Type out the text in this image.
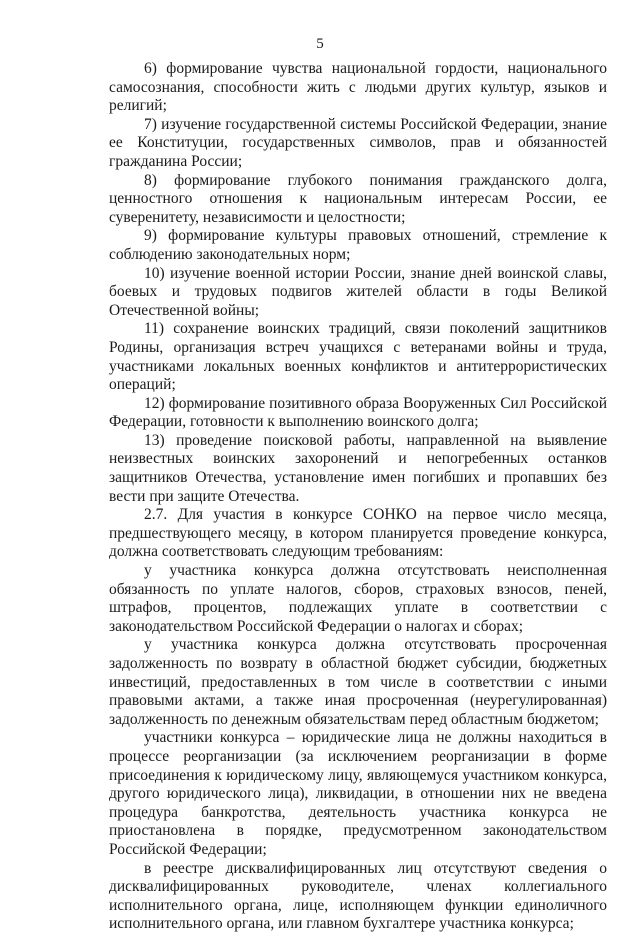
5

6) формирование чувства национальной гордости, национального самосознания, способности жить с людьми других культур, языков и религий;

7) изучение государственной системы Российской Федерации, знание ее Конституции, государственных символов, прав и обязанностей гражданина России;

8) формирование глубокого понимания гражданского долга, ценностного отношения к национальным интересам России, ее суверенитету, независимости и целостности;

9) формирование культуры правовых отношений, стремление к соблюдению законодательных норм;

10) изучение военной истории России, знание дней воинской славы, боевых и трудовых подвигов жителей области в годы Великой Отечественной войны;

11) сохранение воинских традиций, связи поколений защитников Родины, организация встреч учащихся с ветеранами войны и труда, участниками локальных военных конфликтов и антитеррористических операций;

12) формирование позитивного образа Вооруженных Сил Российской Федерации, готовности к выполнению воинского долга;

13) проведение поисковой работы, направленной на выявление неизвестных воинских захоронений и непогребенных останков защитников Отечества, установление имен погибших и пропавших без вести при защите Отечества.

2.7. Для участия в конкурсе СОНКО на первое число месяца, предшествующего месяцу, в котором планируется проведение конкурса, должна соответствовать следующим требованиям:

у участника конкурса должна отсутствовать неисполненная обязанность по уплате налогов, сборов, страховых взносов, пеней, штрафов, процентов, подлежащих уплате в соответствии с законодательством Российской Федерации о налогах и сборах;

у участника конкурса должна отсутствовать просроченная задолженность по возврату в областной бюджет субсидии, бюджетных инвестиций, предоставленных в том числе в соответствии с иными правовыми актами, а также иная просроченная (неурегулированная) задолженность по денежным обязательствам перед областным бюджетом;

участники конкурса – юридические лица не должны находиться в процессе реорганизации (за исключением реорганизации в форме присоединения к юридическому лицу, являющемуся участником конкурса, другого юридического лица), ликвидации, в отношении них не введена процедура банкротства, деятельность участника конкурса не приостановлена в порядке, предусмотренном законодательством Российской Федерации;

в реестре дисквалифицированных лиц отсутствуют сведения о дисквалифицированных руководителе, членах коллегиального исполнительного органа, лице, исполняющем функции единоличного исполнительного органа, или главном бухгалтере участника конкурса;
